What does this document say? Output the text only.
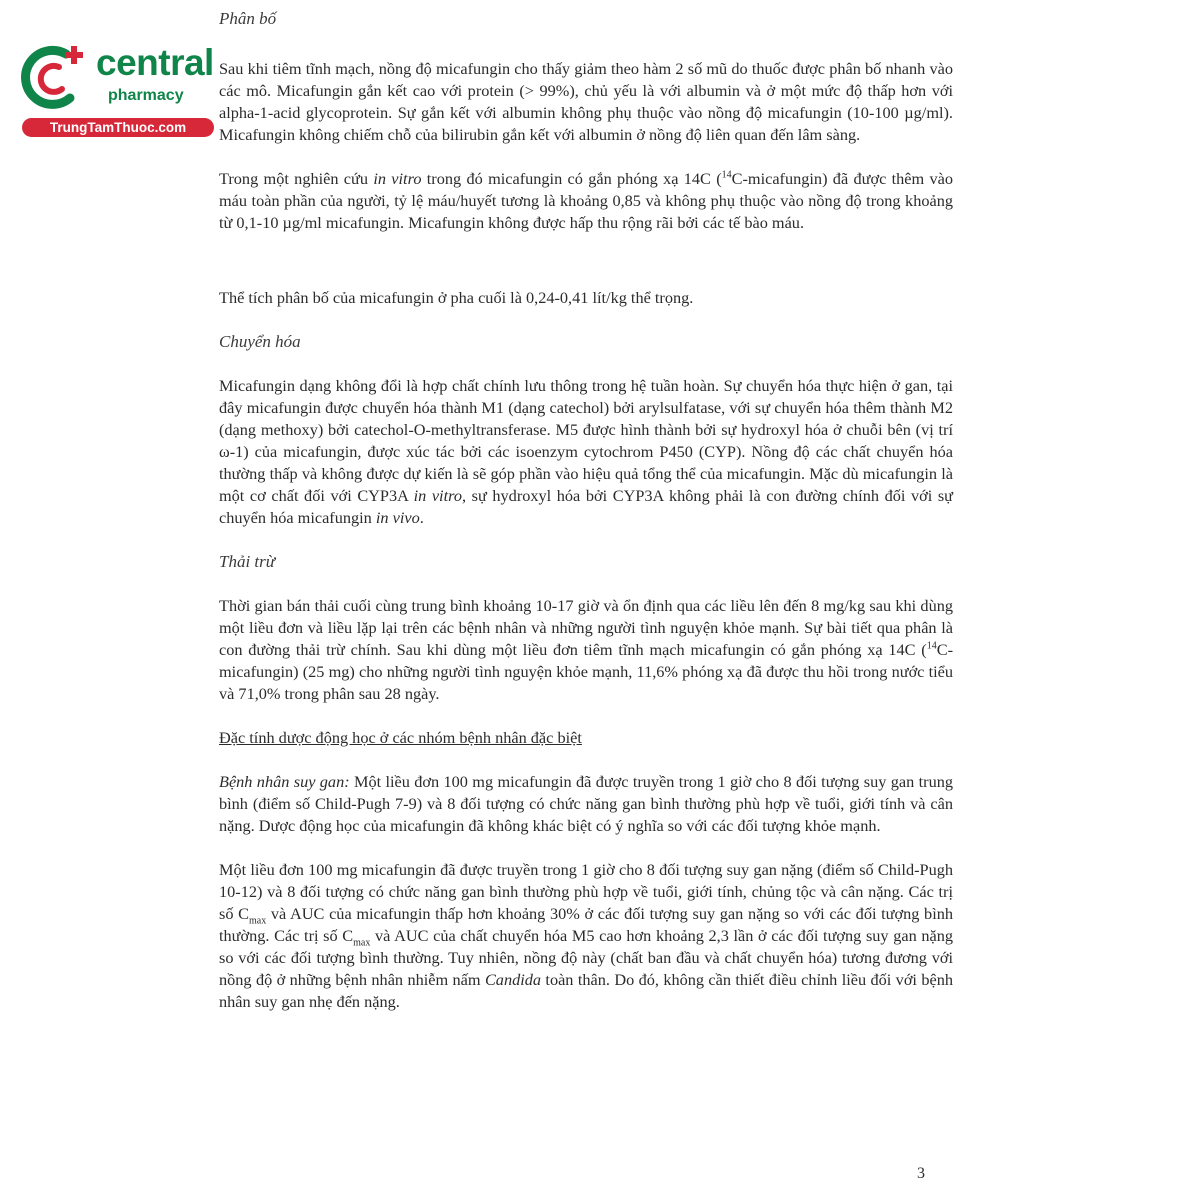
central
pharmacy
TrungTamThuoc.com

Phân bố

Sau khi tiêm tĩnh mạch, nồng độ micafungin cho thấy giảm theo hàm 2 số mũ do thuốc được phân bố nhanh vào các mô. Micafungin gắn kết cao với protein (> 99%), chủ yếu là với albumin và ở một mức độ thấp hơn với alpha-1-acid glycoprotein. Sự gắn kết với albumin không phụ thuộc vào nồng độ micafungin (10-100 µg/ml). Micafungin không chiếm chỗ của bilirubin gắn kết với albumin ở nồng độ liên quan đến lâm sàng.

Trong một nghiên cứu in vitro trong đó micafungin có gắn phóng xạ 14C ($^{14}$C-micafungin) đã được thêm vào máu toàn phần của người, tỷ lệ máu/huyết tương là khoảng 0,85 và không phụ thuộc vào nồng độ trong khoảng từ 0,1-10 µg/ml micafungin. Micafungin không được hấp thu rộng rãi bởi các tế bào máu.

Thể tích phân bố của micafungin ở pha cuối là 0,24-0,41 lít/kg thể trọng.

Chuyển hóa

Micafungin dạng không đổi là hợp chất chính lưu thông trong hệ tuần hoàn. Sự chuyển hóa thực hiện ở gan, tại đây micafungin được chuyển hóa thành M1 (dạng catechol) bởi arylsulfatase, với sự chuyển hóa thêm thành M2 (dạng methoxy) bởi catechol-O-methyltransferase. M5 được hình thành bởi sự hydroxyl hóa ở chuỗi bên (vị trí ω-1) của micafungin, được xúc tác bởi các isoenzym cytochrom P450 (CYP). Nồng độ các chất chuyển hóa thường thấp và không được dự kiến là sẽ góp phần vào hiệu quả tổng thể của micafungin. Mặc dù micafungin là một cơ chất đối với CYP3A in vitro, sự hydroxyl hóa bởi CYP3A không phải là con đường chính đối với sự chuyển hóa micafungin in vivo.

Thải trừ

Thời gian bán thải cuối cùng trung bình khoảng 10-17 giờ và ổn định qua các liều lên đến 8 mg/kg sau khi dùng một liều đơn và liều lặp lại trên các bệnh nhân và những người tình nguyện khỏe mạnh. Sự bài tiết qua phân là con đường thải trừ chính. Sau khi dùng một liều đơn tiêm tĩnh mạch micafungin có gắn phóng xạ 14C ($^{14}$C-micafungin) (25 mg) cho những người tình nguyện khỏe mạnh, 11,6% phóng xạ đã được thu hồi trong nước tiểu và 71,0% trong phân sau 28 ngày.

Đặc tính dược động học ở các nhóm bệnh nhân đặc biệt

Bệnh nhân suy gan: Một liều đơn 100 mg micafungin đã được truyền trong 1 giờ cho 8 đối tượng suy gan trung bình (điểm số Child-Pugh 7-9) và 8 đối tượng có chức năng gan bình thường phù hợp về tuổi, giới tính và cân nặng. Dược động học của micafungin đã không khác biệt có ý nghĩa so với các đối tượng khỏe mạnh.

Một liều đơn 100 mg micafungin đã được truyền trong 1 giờ cho 8 đối tượng suy gan nặng (điểm số Child-Pugh 10-12) và 8 đối tượng có chức năng gan bình thường phù hợp về tuổi, giới tính, chủng tộc và cân nặng. Các trị số $C_{max}$ và AUC của micafungin thấp hơn khoảng 30% ở các đối tượng suy gan nặng so với các đối tượng bình thường. Các trị số $C_{max}$ và AUC của chất chuyển hóa M5 cao hơn khoảng 2,3 lần ở các đối tượng suy gan nặng so với các đối tượng bình thường. Tuy nhiên, nồng độ này (chất ban đầu và chất chuyển hóa) tương đương với nồng độ ở những bệnh nhân nhiễm nấm Candida toàn thân. Do đó, không cần thiết điều chỉnh liều đối với bệnh nhân suy gan nhẹ đến nặng.

3
